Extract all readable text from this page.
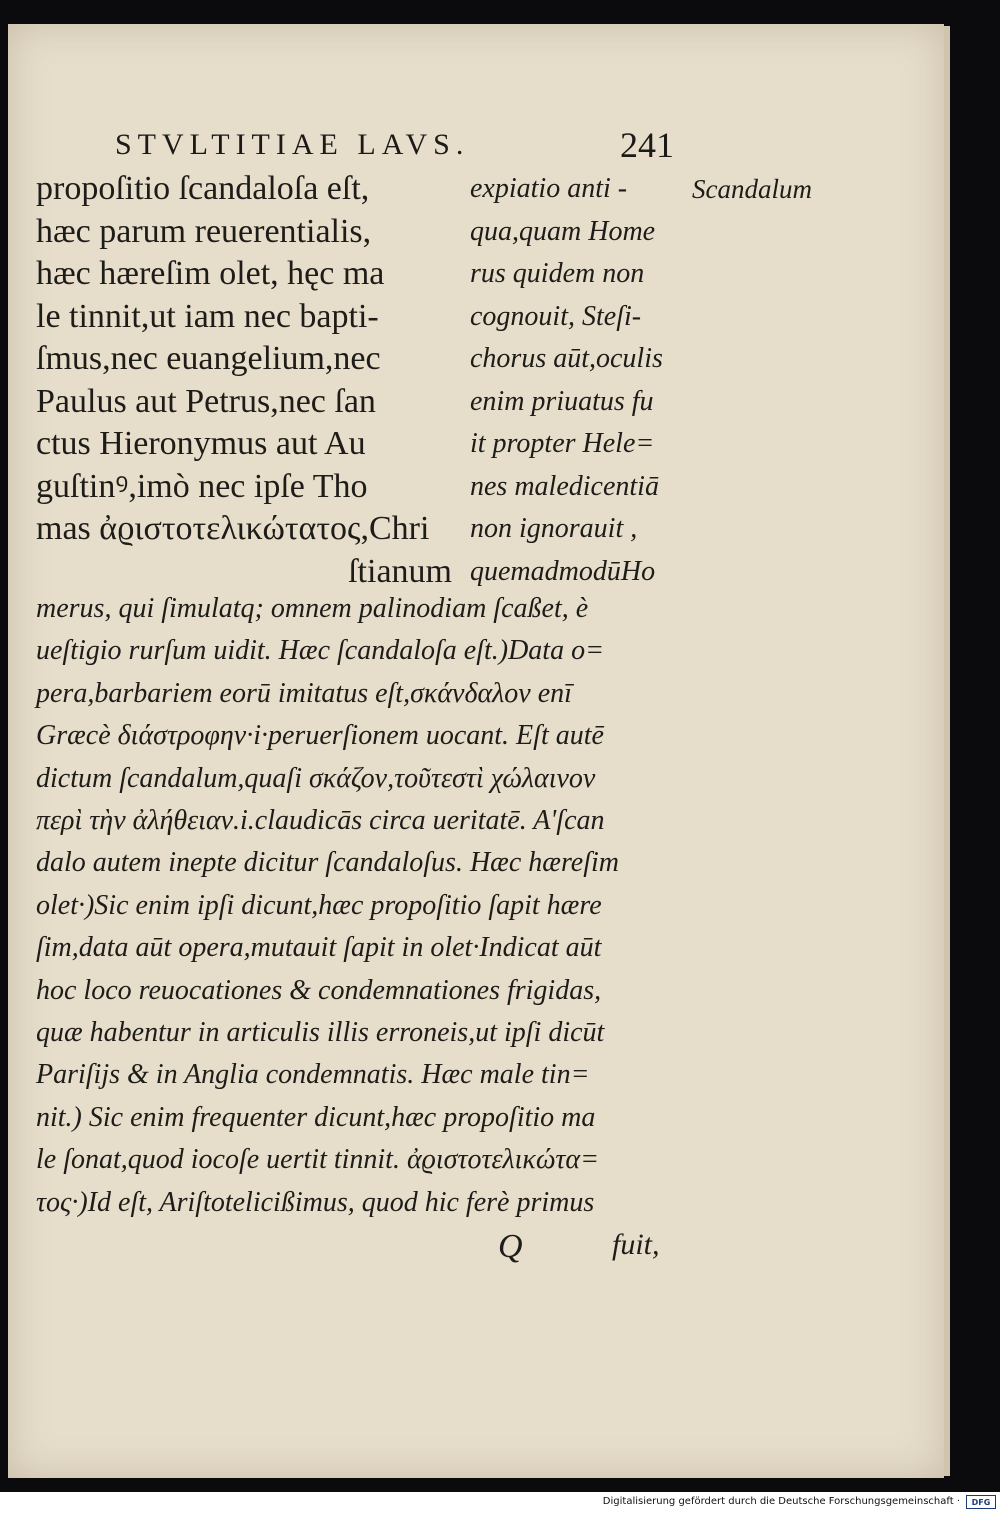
STVLTITIAE LAVS.	241
propoſitio ſcandaloſa eſt,
hæc parum reuerentialis,
hæc hæreſim olet, hęc ma
le tinnit,ut iam nec bapti-
ſmus,nec euangelium,nec
Paulus aut Petrus,nec ſan
ctus Hieronymus aut Au
guſtinꝰ,imò nec ipſe Tho
mas ἀϱιστοτελικώτατος,Chri
ſtianum
expiatio anti -
qua,quam Home
rus quidem non
cognouit, Steſi-
chorus aūt,oculis
enim priuatus fu
it propter Hele=
nes maledicentiā
non ignorauit ,
quemadmodūHo
Scandalum
merus, qui ſimulatq; omnem palinodiam ſcaßet, è
ueſtigio rurſum uidit. Hæc ſcandaloſa eſt.)Data o=
pera,barbariem eorū imitatus eſt,σκάνδαλον enī
Græcè διάστροφην·i·peruerſionem uocant. Eſt autē
dictum ſcandalum,quaſi σκάζον,τοῦτεστὶ χώλαινον
περὶ τὴν ἀλήθειαν.i.claudicās circa ueritatē. A'ſcan
dalo autem inepte dicitur ſcandaloſus. Hæc hæreſim
olet·)Sic enim ipſi dicunt,hæc propoſitio ſapit hære
ſim,data aūt opera,mutauit ſapit in olet·Indicat aūt
hoc loco reuocationes & condemnationes frigidas,
quæ habentur in articulis illis erroneis,ut ipſi dicūt
Pariſijs & in Anglia condemnatis. Hæc male tin=
nit.) Sic enim frequenter dicunt,hæc propoſitio ma
le ſonat,quod iocoſe uertit tinnit. ἀϱιστοτελικώτα=
τος·)Id eſt, Ariſtotelicißimus, quod hic ferè primus
Q	fuit,
Digitalisierung gefördert durch die Deutsche Forschungsgemeinschaft ·	DFG
